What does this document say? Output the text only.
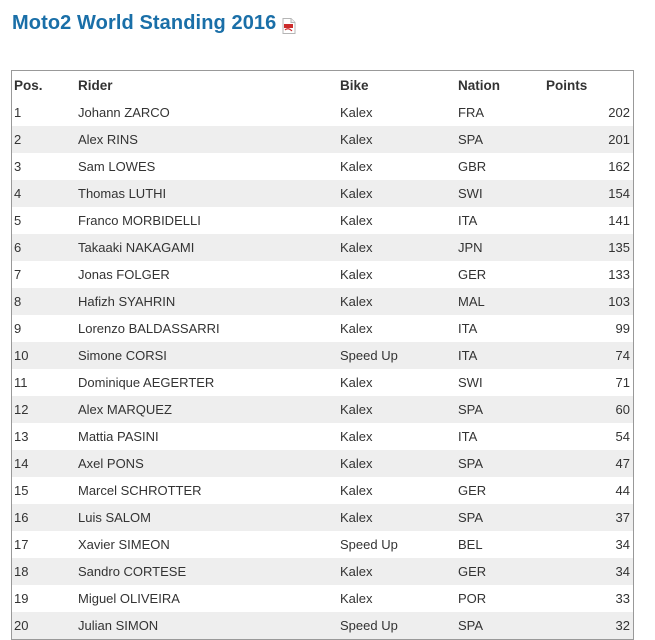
Moto2 World Standing 2016
Pos.	Rider	Bike	Nation	Points
1	Johann ZARCO	Kalex	FRA	202
2	Alex RINS	Kalex	SPA	201
3	Sam LOWES	Kalex	GBR	162
4	Thomas LUTHI	Kalex	SWI	154
5	Franco MORBIDELLI	Kalex	ITA	141
6	Takaaki NAKAGAMI	Kalex	JPN	135
7	Jonas FOLGER	Kalex	GER	133
8	Hafizh SYAHRIN	Kalex	MAL	103
9	Lorenzo BALDASSARRI	Kalex	ITA	99
10	Simone CORSI	Speed Up	ITA	74
11	Dominique AEGERTER	Kalex	SWI	71
12	Alex MARQUEZ	Kalex	SPA	60
13	Mattia PASINI	Kalex	ITA	54
14	Axel PONS	Kalex	SPA	47
15	Marcel SCHROTTER	Kalex	GER	44
16	Luis SALOM	Kalex	SPA	37
17	Xavier SIMEON	Speed Up	BEL	34
18	Sandro CORTESE	Kalex	GER	34
19	Miguel OLIVEIRA	Kalex	POR	33
20	Julian SIMON	Speed Up	SPA	32
